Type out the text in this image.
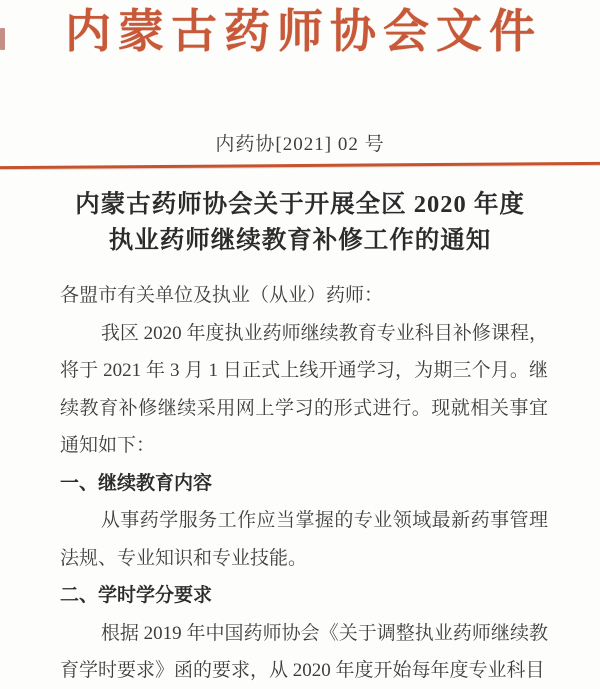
内蒙古药师协会文件
内药协[2021] 02 号
内蒙古药师协会关于开展全区 2020 年度
执业药师继续教育补修工作的通知
各盟市有关单位及执业（从业）药师：

我区 2020 年度执业药师继续教育专业科目补修课程，将于 2021 年 3 月 1 日正式上线开通学习，为期三个月。继续教育补修继续采用网上学习的形式进行。现就相关事宜通知如下：

一、继续教育内容

从事药学服务工作应当掌握的专业领域最新药事管理法规、专业知识和专业技能。

二、学时学分要求

根据 2019 年中国药师协会《关于调整执业药师继续教育学时要求》函的要求，从 2020 年度开始每年度专业科目
